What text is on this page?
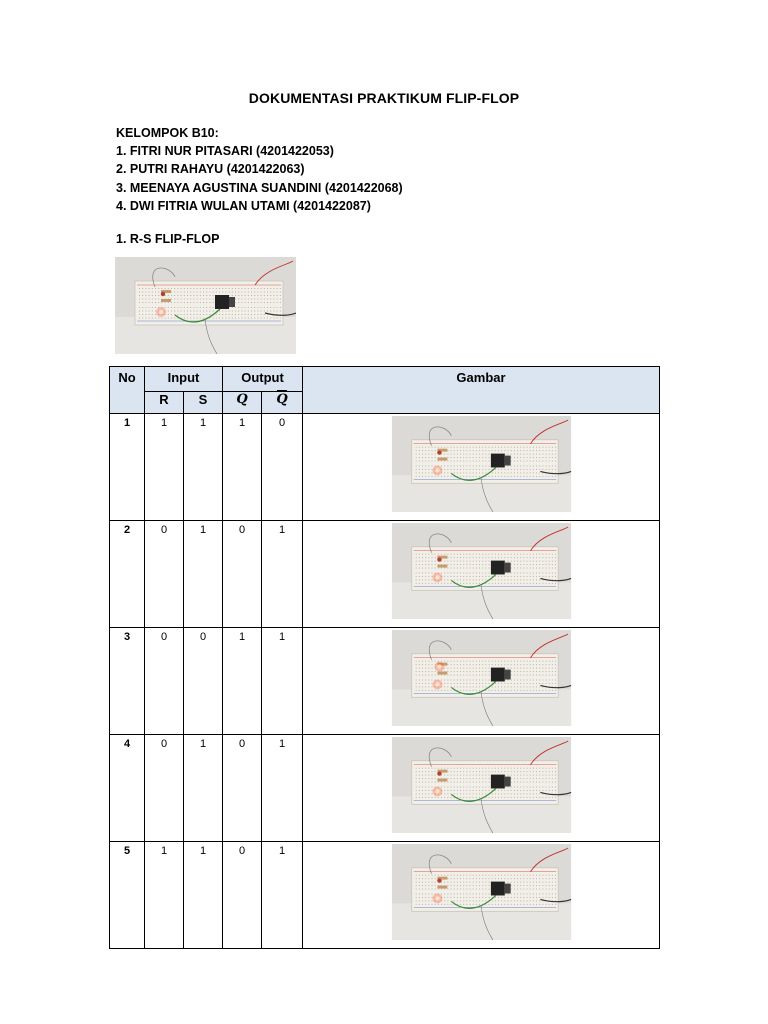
DOKUMENTASI PRAKTIKUM FLIP-FLOP
KELOMPOK B10:
1. FITRI NUR PITASARI (4201422053)
2. PUTRI RAHAYU (4201422063)
3. MEENAYA AGUSTINA SUANDINI (4201422068)
4. DWI FITRIA WULAN UTAMI (4201422087)
1. R-S FLIP-FLOP
No	Input		Output		Gambar
	R	S	Q	Q	
1	1	1	1	0	

2	0	1	0	1	

3	0	0	1	1	

4	0	1	0	1	

5	1	1	0	1	
